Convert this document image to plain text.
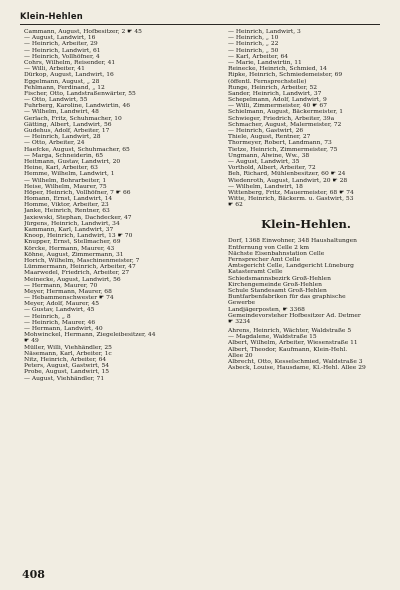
Klein-Hehlen
Cammann, August, Hofbesitzer, 2 ☛ 45
— August, Landwirt, 16
— Heinrich, Arbeiter, 29
— Heinrich, Landwirt, 61
— Heinrich, Vollhöfner, 4
Cohrs, Wilhelm, Reisender, 41
— Willi, Arbeiter, 41
Dürkop, August, Landwirt, 16
Eggelmann, August, „ 28
Fehlmann, Ferdinand, „ 12
Fischer, Otto, Landstraßenwärter, 55
— Otto, Landwirt, 55
Fuhrberg, Karoline, Landwirtin, 46
— Wilhelm, Landwirt, 48
Gerlach, Fritz, Schuhmacher, 10
Gätting, Albert, Landwirt, 56
Gudehus, Adolf, Arbeiter, 17
— Heinrich, Landwirt, 28
— Otto, Arbeiter, 24
Haefcke, August, Schuhmacher, 65
— Marga, Schneiderin, 65
Heitmann, Gustav, Landwirt, 20
Heine, Karl, Arbeiter, 63
Hemme, Wilhelm, Landwirt, 1
— Wilhelm, Bohrarbeiter, 1
Heise, Wilhelm, Maurer, 75
Höper, Heinrich, Vollhöfner, 7 ☛ 66
Homann, Ernst, Landwirt, 14
Homme, Viktor, Arbeiter, 23
Janke, Heinrich, Rentner, 63
Jaxiewski, Stephan, Dachdecker, 47
Jürgens, Heinrich, Landwirt, 34
Kammann, Karl, Landwirt, 37
Knoop, Heinrich, Landwirt, 13 ☛ 70
Knupper, Ernst, Stellmacher, 69
Körcke, Hermann, Maurer, 43
Köhne, August, Zimmermann, 31
Horich, Wilhelm, Maschinenmeister, 7
Lümmermann, Heinrich, Arbeiter, 47
Maarwedel, Friedrich, Arbeiter, 27
Meinecke, August, Landwirt, 56
— Hermann, Maurer, 70
Meyer, Hermann, Maurer, 68
— Hebammenschwester ☛ 74
Meyer, Adolf, Maurer, 45
— Gustav, Landwirt, 45
— Heinrich, „ 8
— Heinrich, Maurer, 46
— Hermann, Landwirt, 40
Mohwinckel, Hermann, Ziegeleibesitzer, 44
☛ 49
Müller, Willi, Viehhändler, 25
Näsemann, Karl, Arbeiter, 1c
Nitz, Heinrich, Arbeiter, 64
Peters, August, Gastwirt, 54
Probe, August, Landwirt, 15
— August, Viehhändler, 71
— Heinrich, Landwirt, 3
— Heinrich, „ 10
— Heinrich, „ 22
— Heinrich, „ 50
— Karl, Arbeiter, 64
— Marie, Landwirtin, 11
Reinecke, Heinrich, Schmied, 14
Ripke, Heinrich, Schmiedemeister, 69
(öffentl. Fernsprechstelle)
Runge, Heinrich, Arbeiter, 52
Sander, Heinrich, Landwirt, 37
Schepelmann, Adolf, Landwirt, 9
— Willi, Zimmermeister, 40 ☛ 67
Schielmann, August, Bäckermeister, 1
Schwieger, Friedrich, Arbeiter, 39a
Schmacher, August, Malermeister, 72
— Heinrich, Gastwirt, 26
Thiele, August, Rentner, 27
Thormeyer, Robert, Landmann, 73
Tietze, Heinrich, Zimmermeister, 75
Ungmann, Alwine, Ww., 38
— August, Landwirt, 35
Vorthold, Albert, Arbeiter, 72
Beh, Richard, Mühlenbesitzer, 60 ☛ 24
Wiedenroth, August, Landwirt, 20 ☛ 28
— Wilhelm, Landwirt, 18
Wittenberg, Fritz, Mauermeister, 68 ☛ 74
Witte, Heinrich, Bäckerm. u. Gastwirt, 53
☛ 62
Klein-Hehlen.
Dorf, 1368 Einwohner, 348 Haushaltungen
Entfernung von Celle 2 km
Nächste Eisenbahnstation Celle
Fernsprecher Amt Celle
Amtsgericht Celle, Landgericht Lüneburg
Katasteramt Celle
Schiedsmannsbezirk Groß-Hehlen
Kirchengemeinde Groß-Hehlen
Schule Standesamt Groß-Hehlen
Buntfarbenfabriken für das graphische
Gewerbe
Landjägerposten, ☛ 3368
Gemeindevorsteher Hofbesitzer Ad. Detmer
☛ 3234
Ahrens, Heinrich, Wächter, Waldstraße 5
— Magdalene, Waldstraße 15
Albert, Wilhelm, Arbeiter, Wiesenstraße 11
Albert, Theodor, Kaufmann, Klein-Hehl.
Allee 20
Albrecht, Otto, Kesselschmied, Waldstraße 3
Asbeck, Louise, Hausdame, Kl.-Hehl. Allee 29
408
